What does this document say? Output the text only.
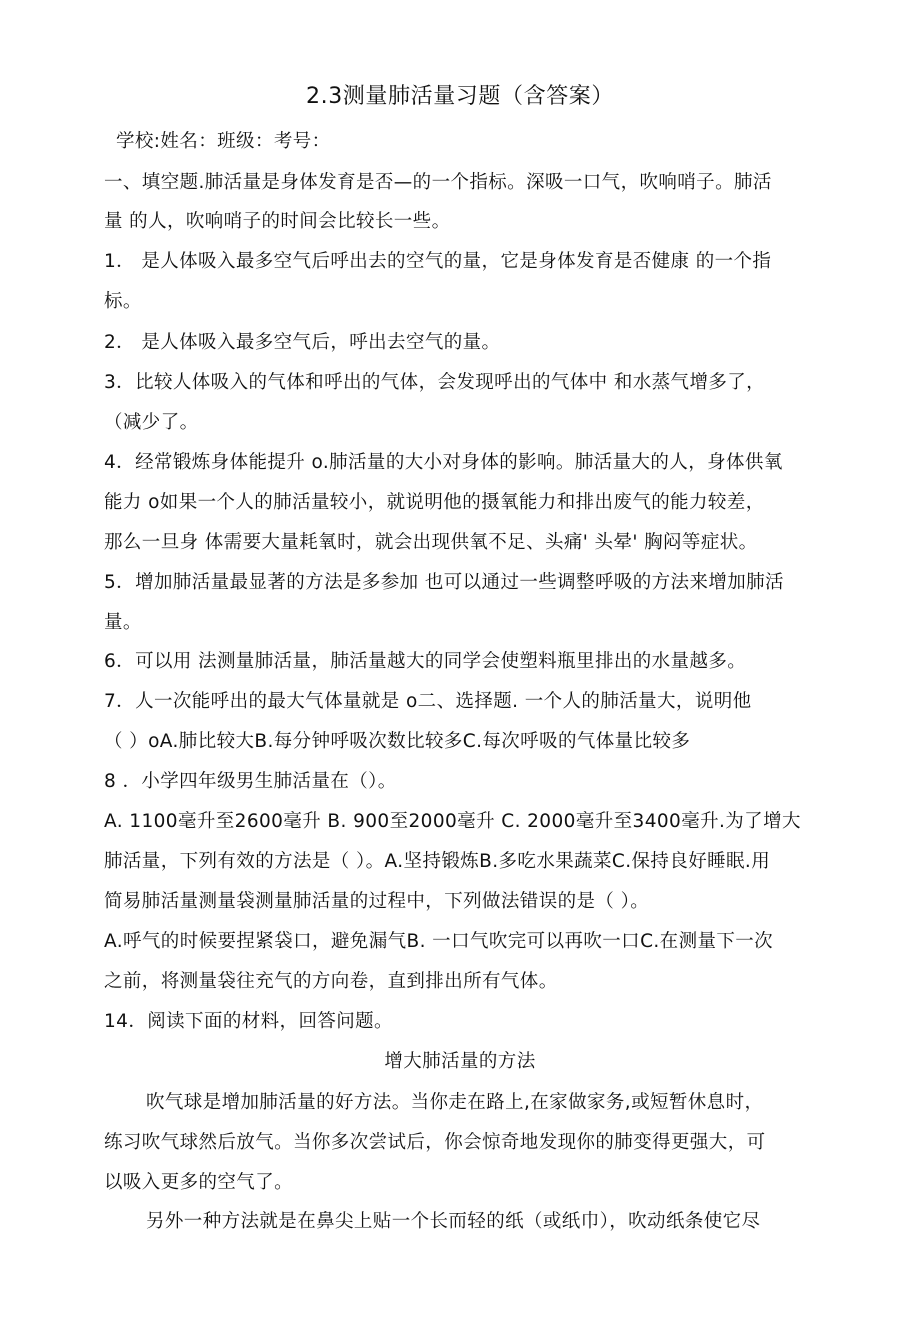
2.3测量肺活量习题（含答案）
学校:姓名：班级：考号：
一、填空题.肺活量是身体发育是否—的一个指标。深吸一口气，吹响哨子。肺活
量 的人，吹响哨子的时间会比较长一些。
1． 是人体吸入最多空气后呼出去的空气的量，它是身体发育是否健康 的一个指
标。
2． 是人体吸入最多空气后，呼出去空气的量。
3．比较人体吸入的气体和呼出的气体，会发现呼出的气体中 和水蒸气增多了，
（减少了。
4．经常锻炼身体能提升 o.肺活量的大小对身体的影响。肺活量大的人，身体供氧
能力 o如果一个人的肺活量较小，就说明他的摄氧能力和排出废气的能力较差，
那么一旦身 体需要大量耗氧时，就会出现供氧不足、头痛' 头晕' 胸闷等症状。
5．增加肺活量最显著的方法是多参加 也可以通过一些调整呼吸的方法来增加肺活
量。
6．可以用 法测量肺活量，肺活量越大的同学会使塑料瓶里排出的水量越多。
7．人一次能呼出的最大气体量就是 o二、选择题. 一个人的肺活量大，说明他
（ ）oA.肺比较大B.每分钟呼吸次数比较多C.每次呼吸的气体量比较多
8 ．小学四年级男生肺活量在（）。
A. 1100毫升至2600毫升 B. 900至2000毫升 C. 2000毫升至3400毫升.为了增大
肺活量，下列有效的方法是（ ）。A.坚持锻炼B.多吃水果蔬菜C.保持良好睡眠.用
简易肺活量测量袋测量肺活量的过程中，下列做法错误的是（ ）。
A.呼气的时候要捏紧袋口，避免漏气B. 一口气吹完可以再吹一口C.在测量下一次
之前，将测量袋往充气的方向卷，直到排出所有气体。
14．阅读下面的材料，回答问题。
增大肺活量的方法
吹气球是增加肺活量的好方法。当你走在路上,在家做家务,或短暂休息时，
练习吹气球然后放气。当你多次尝试后，你会惊奇地发现你的肺变得更强大，可
以吸入更多的空气了。
另外一种方法就是在鼻尖上贴一个长而轻的纸（或纸巾），吹动纸条使它尽
